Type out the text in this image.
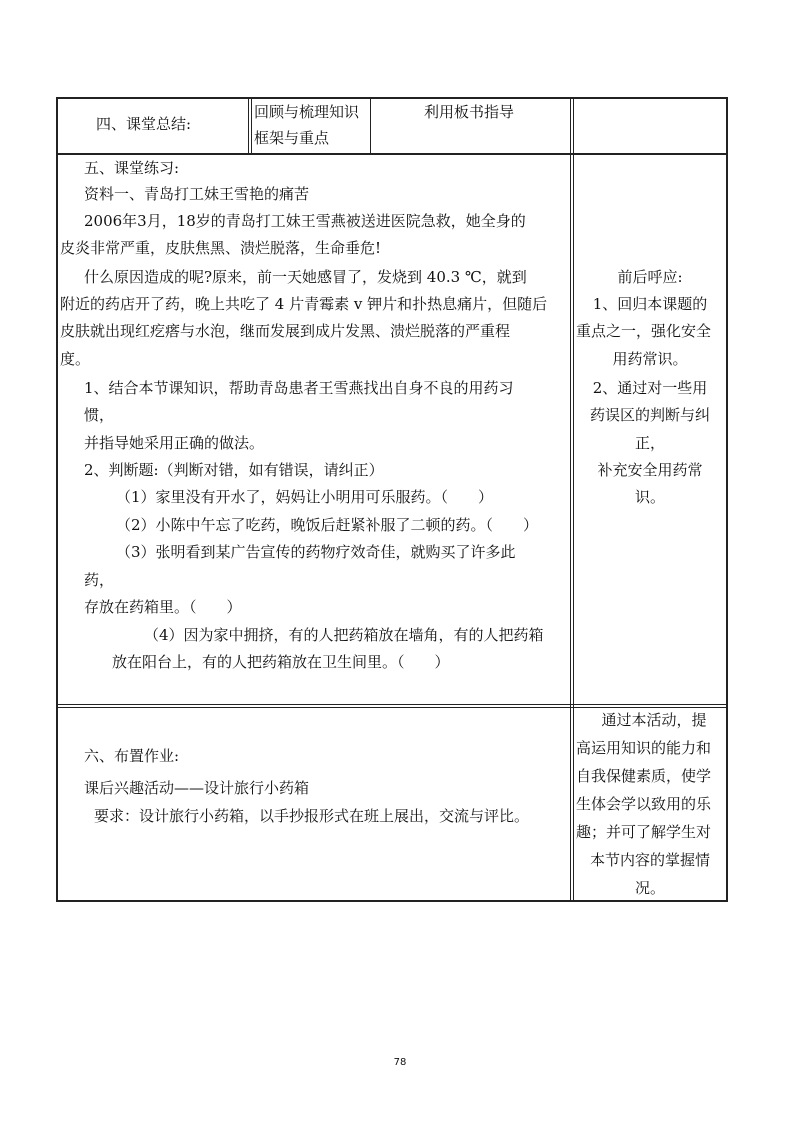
四、课堂总结:
回顾与梳理知识
框架与重点
利用板书指导
五、课堂练习:
资料一、青岛打工妹王雪艳的痛苦
2006年3月，18岁的青岛打工妹王雪燕被送进医院急救，她全身的
皮炎非常严重，皮肤焦黑、溃烂脱落，生命垂危!
什么原因造成的呢?原来，前一天她感冒了，发烧到 40.3 ℃，就到
附近的药店开了药，晚上共吃了 4 片青霉素 v 钾片和扑热息痛片，但随后
皮肤就出现红疙瘩与水泡，继而发展到成片发黑、溃烂脱落的严重程
度。
1、结合本节课知识，帮助青岛患者王雪燕找出自身不良的用药习
惯，
并指导她采用正确的做法。
2、判断题:（判断对错，如有错误，请纠正）
（1）家里没有开水了，妈妈让小明用可乐服药。（　　）
（2）小陈中午忘了吃药，晚饭后赶紧补服了二顿的药。（　　）
（3）张明看到某广告宣传的药物疗效奇佳，就购买了许多此
药，
存放在药箱里。（　　）
（4）因为家中拥挤，有的人把药箱放在墙角，有的人把药箱
放在阳台上，有的人把药箱放在卫生间里。（　　）
前后呼应:
1、回归本课题的
重点之一，强化安全
用药常识。
2、通过对一些用
药误区的判断与纠
正，
补充安全用药常
识。
六、布置作业:
课后兴趣活动——设计旅行小药箱
要求：设计旅行小药箱，以手抄报形式在班上展出，交流与评比。
通过本活动，提
高运用知识的能力和
自我保健素质，使学
生体会学以致用的乐
趣；并可了解学生对
本节内容的掌握情
况。
78
